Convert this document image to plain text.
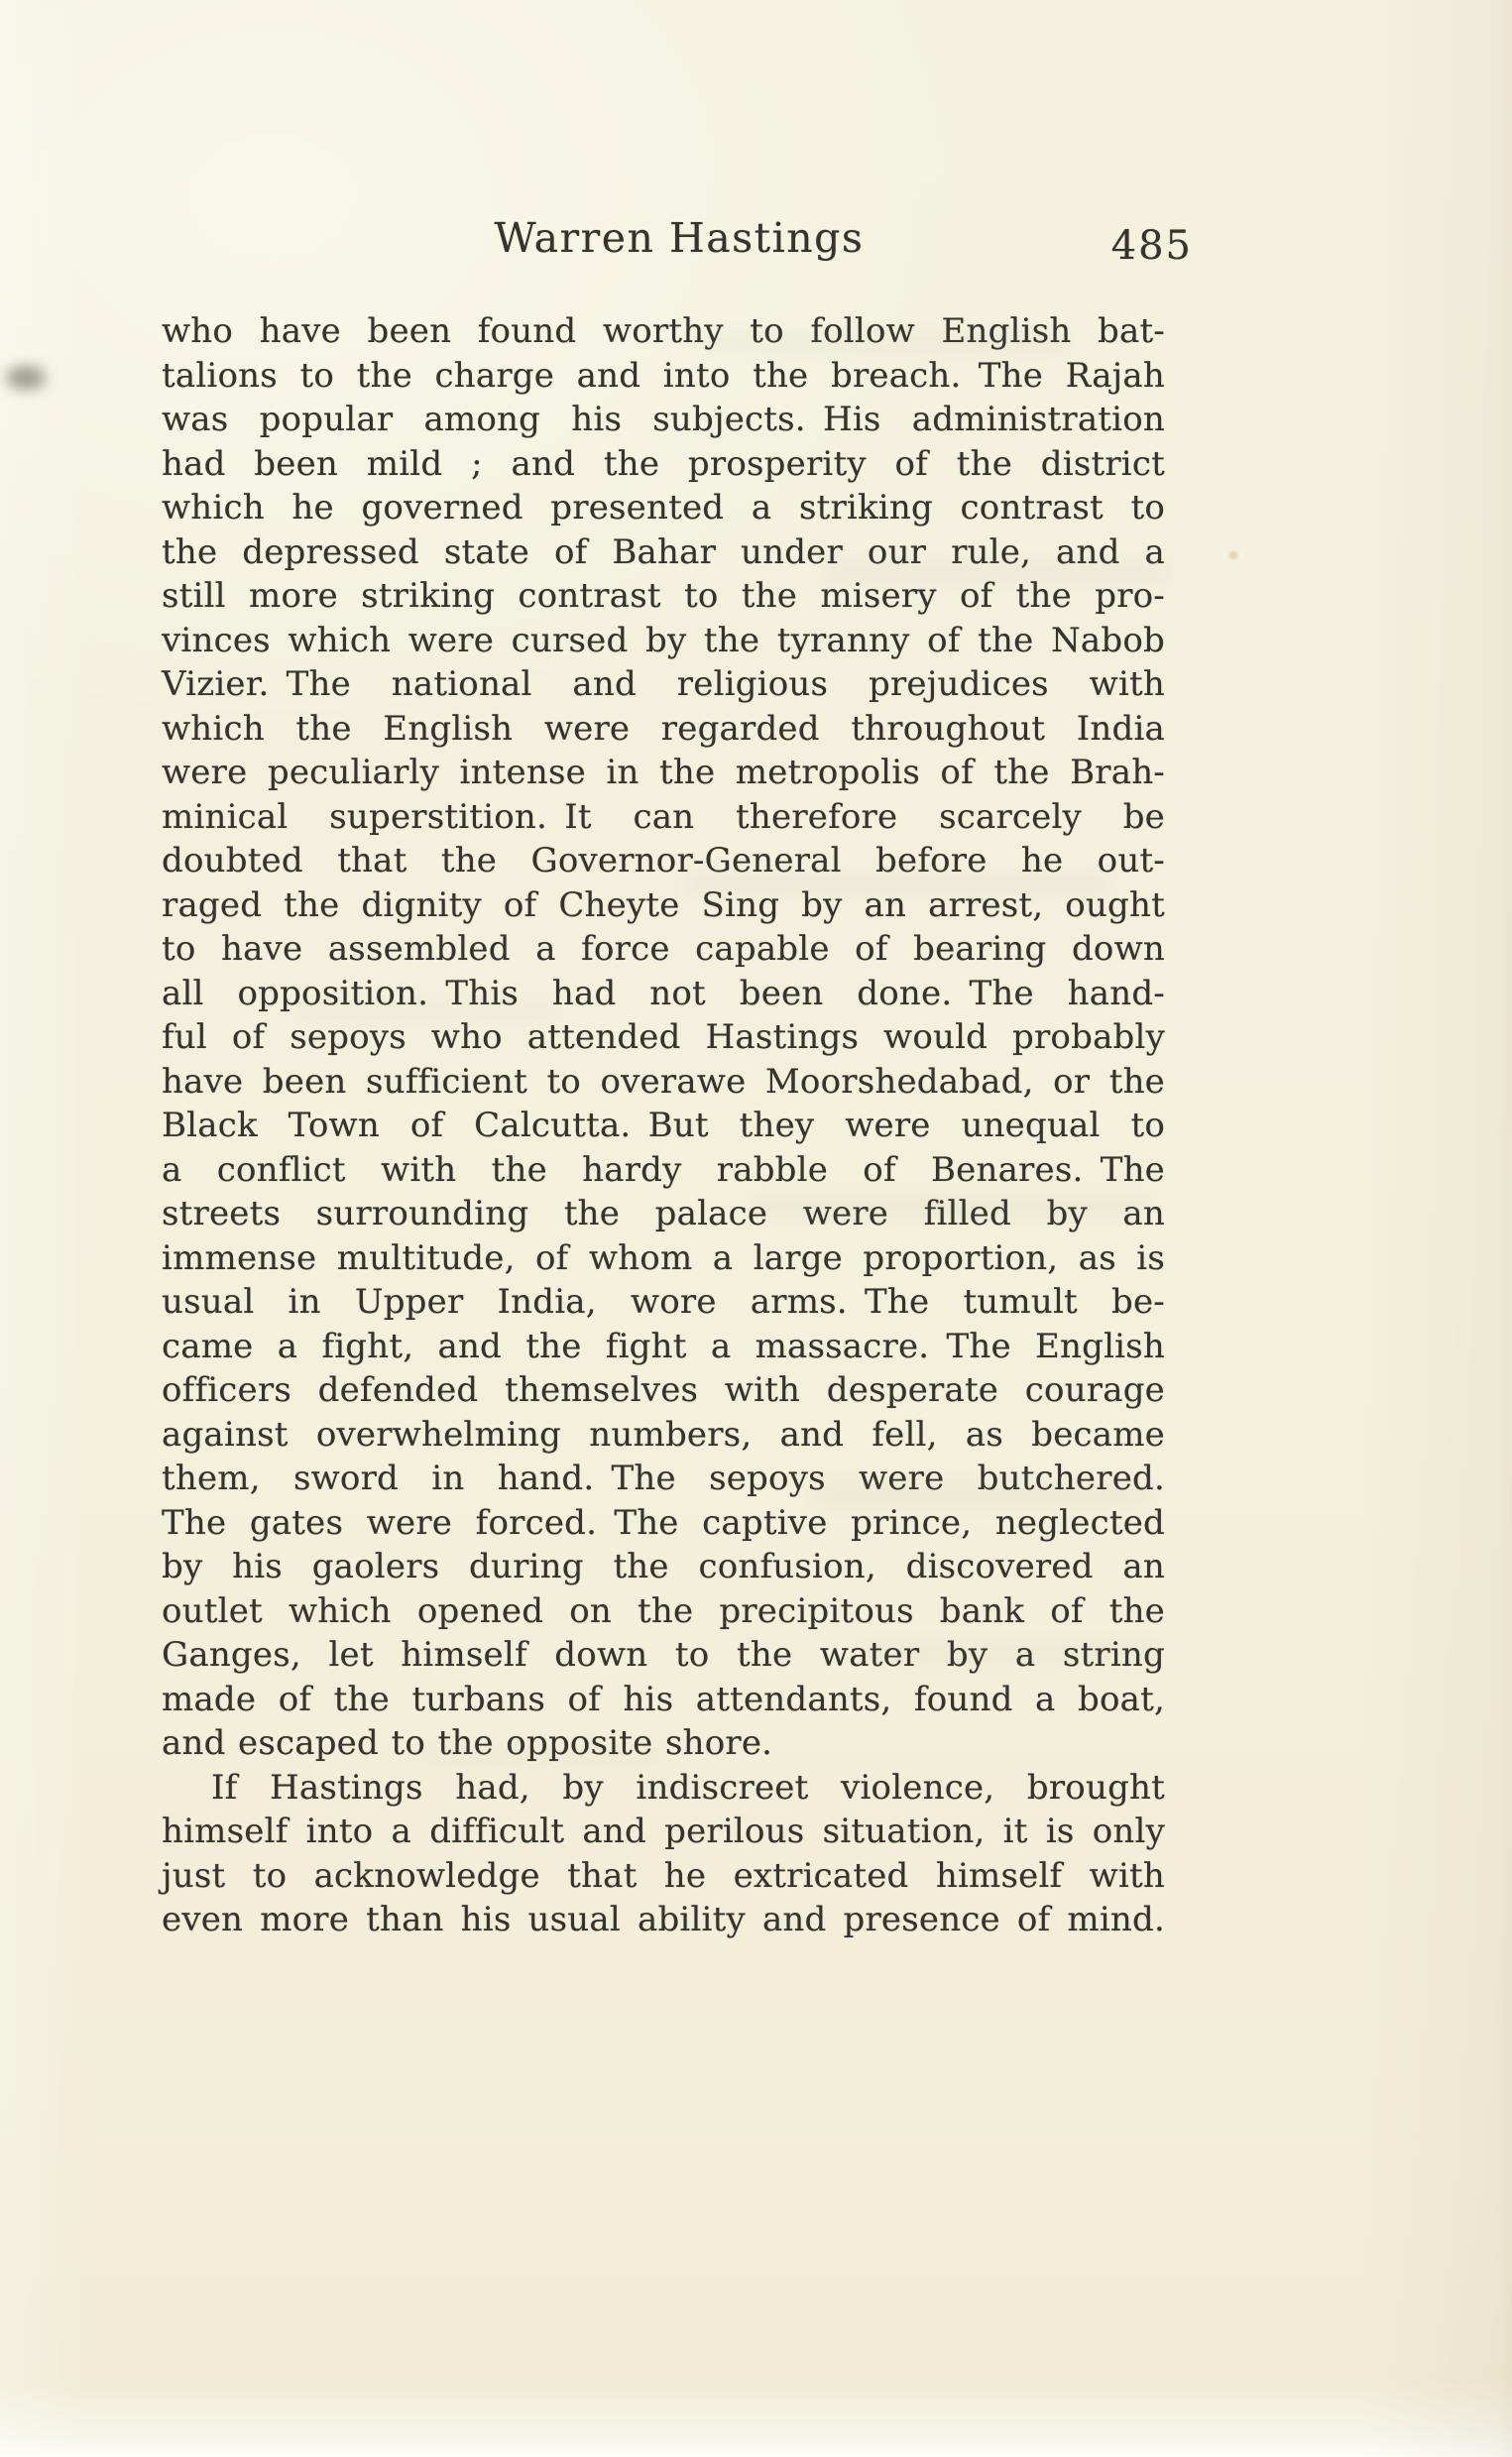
Warren Hastings	485
who have been found worthy to follow English bat-
talions to the charge and into the breach. The Rajah
was popular among his subjects. His administration
had been mild ; and the prosperity of the district
which he governed presented a striking contrast to
the depressed state of Bahar under our rule, and a
still more striking contrast to the misery of the pro-
vinces which were cursed by the tyranny of the Nabob
Vizier. The national and religious prejudices with
which the English were regarded throughout India
were peculiarly intense in the metropolis of the Brah-
minical superstition. It can therefore scarcely be
doubted that the Governor-General before he out-
raged the dignity of Cheyte Sing by an arrest, ought
to have assembled a force capable of bearing down
all opposition. This had not been done. The hand-
ful of sepoys who attended Hastings would probably
have been sufficient to overawe Moorshedabad, or the
Black Town of Calcutta. But they were unequal to
a conflict with the hardy rabble of Benares. The
streets surrounding the palace were filled by an
immense multitude, of whom a large proportion, as is
usual in Upper India, wore arms. The tumult be-
came a fight, and the fight a massacre. The English
officers defended themselves with desperate courage
against overwhelming numbers, and fell, as became
them, sword in hand. The sepoys were butchered.
The gates were forced. The captive prince, neglected
by his gaolers during the confusion, discovered an
outlet which opened on the precipitous bank of the
Ganges, let himself down to the water by a string
made of the turbans of his attendants, found a boat,
and escaped to the opposite shore.
If Hastings had, by indiscreet violence, brought
himself into a difficult and perilous situation, it is only
just to acknowledge that he extricated himself with
even more than his usual ability and presence of mind.
